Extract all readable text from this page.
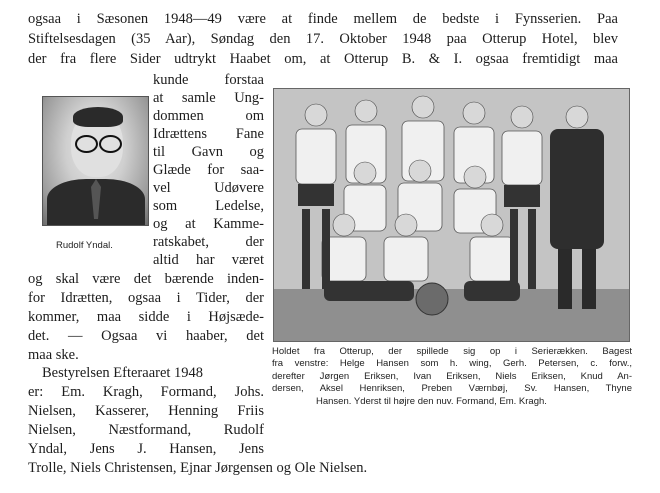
ogsaa i Sæsonen 1948—49 være at finde mellem de bedste i Fynsserien. Paa
Stiftelsesdagen (35 Aar), Søndag den 17. Oktober 1948 paa Otterup Hotel, blev
der fra flere Sider udtrykt Haabet om, at Otterup B. & I. ogsaa fremtidigt maa
Rudolf Yndal.
kunde forstaa
at samle Ung-
dommen om
Idrættens Fane
til Gavn og
Glæde for saa-
vel Udøvere
som Ledelse,
og at Kamme-
ratskabet, der
altid har været
og skal være det bærende inden-
for Idrætten, ogsaa i Tider, der
kommer, maa sidde i Højsæde-
det. — Ogsaa vi haaber, det
maa ske.
Bestyrelsen Efteraaret 1948
er: Em. Kragh, Formand, Johs.
Nielsen, Kasserer, Henning Friis
Nielsen, Næstformand, Rudolf
Yndal, Jens J. Hansen, Jens
Trolle, Niels Christensen, Ejnar Jørgensen og Ole Nielsen.
Holdet fra Otterup, der spillede sig op i Serierækken. Bagest
fra venstre: Helge Hansen som h. wing, Gerh. Petersen, c. forw.,
derefter Jørgen Eriksen, Ivan Eriksen, Niels Eriksen, Knud An-
dersen, Aksel Henriksen, Preben Værnbøj, Sv. Hansen, Thyne
Hansen. Yderst til højre den nuv. Formand, Em. Kragh.
